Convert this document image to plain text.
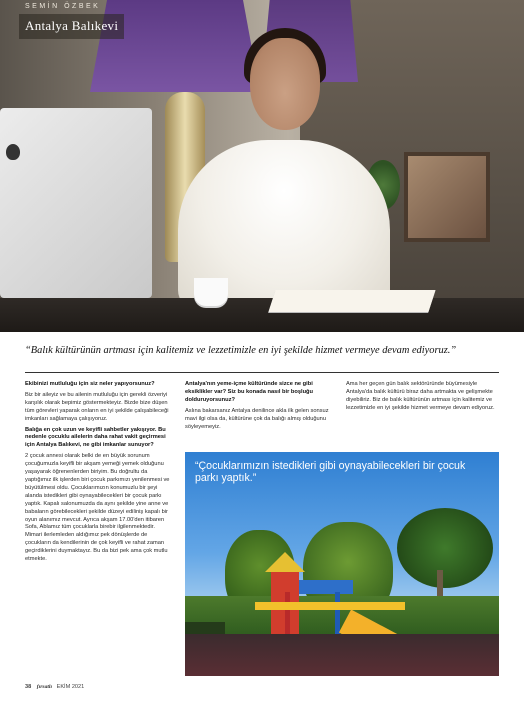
SEMİN ÖZBEK
Antalya Balıkevi
“Balık kültürünün artması için kalitemiz ve lezzetimizle en iyi şekilde hizmet vermeye devam ediyoruz.”

Ekibinizi mutluluğu için siz neler yapıyorsunuz?

Biz bir aileyiz ve bu ailenin mutluluğu için gerekli özveriyi karşılık olarak bepimiz göstermekteyiz. Bizde bize düşen tüm görevleri yaparak onların en iyi şekilde çalışabileceği imkanları sağlamaya çalışıyoruz.

Balığa en çok uzun ve keyifli sahbetler yakışıyor. Bu nedenle çocuklu ailelerin daha rahat vakit geçirmesi için Antalya Balıkevi, ne gibi imkanlar sunuyor?

2 çocuk annesi olarak belki de en büyük sorunum çocuğumuzla keyifli bir akşam yemeği yemek olduğunu yaşayarak öğrenenlerden biriyim. Bu doğrultu da yaptığımız ilk işlerden biri çocuk parkımızı yenilenmesi ve büyütülmesi oldu. Çocuklarımızın konumuzlu bir şeyi alanda istedikleri gibi oynayabilecekleri bir çocuk parkı yaptık. Kapalı salonumuzda da aynı şekilde yine anne ve babaların görebilecekleri şekilde düzeyi ediliniş kapalı bir oyun alanımız mevcut. Ayrıca akşam 17.00'den itibaren Sofa, Ablamız tüm çocuklarla birebir ilgilenmektedir. Mimari ilerlemleden aldığımız pek dönüşlerde de çocukların da kendilerinin de çok keyifli ve rahat zaman geçirdiklerini duymaktayız. Bu da bizi pek ama çok mutlu etmekte.

Antalya'nın yeme-içme kültüründe sizce ne gibi eksiklikler var? Siz bu konada nasıl bir boşluğu dolduruyorsunuz?

Aslına bakarsanız Antalya denilince akla ilk gelen sonsuz mavi ilgi olsa da, kültürüne çok da balığı almış olduğunu söyleyemeyiz.

Ama her geçen gün balık sektörüründe büyümesiyle Antalya'da balık kültürü biraz daha artmakta ve gelişmekte diyebiliriz. Biz de balık kültürünün artması için kalitemiz ve lezzetimizle en iyi şekilde hizmet vermeye devam ediyoruz.

“Çocuklarımızın istedikleri gibi oynayabilecekleri bir çocuk parkı yaptık.”
38 fırsatlı EKİM 2021
